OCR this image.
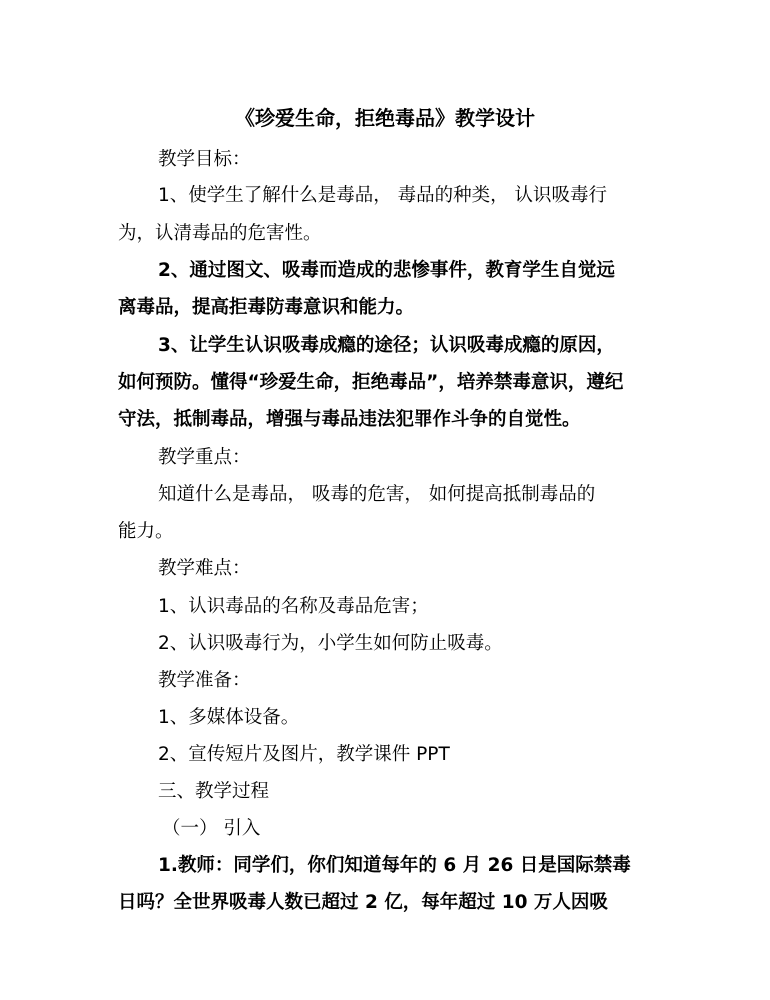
《珍爱生命，拒绝毒品》教学设计
教学目标：
1、使学生了解什么是毒品， 毒品的种类， 认识吸毒行
为，认清毒品的危害性。
2、通过图文、吸毒而造成的悲惨事件，教育学生自觉远
离毒品，提高拒毒防毒意识和能力。
3、让学生认识吸毒成瘾的途径；认识吸毒成瘾的原因，
如何预防。懂得“珍爱生命，拒绝毒品”，培养禁毒意识，遵纪
守法，抵制毒品，增强与毒品违法犯罪作斗争的自觉性。
教学重点：
知道什么是毒品， 吸毒的危害， 如何提高抵制毒品的
能力。
教学难点：
1、认识毒品的名称及毒品危害；
2、认识吸毒行为，小学生如何防止吸毒。
教学准备：
1、多媒体设备。
2、宣传短片及图片，教学课件 PPT
三、教学过程
（一） 引入
1.教师：同学们，你们知道每年的 6 月 26 日是国际禁毒
日吗？全世界吸毒人数已超过 2 亿，每年超过 10 万人因吸
